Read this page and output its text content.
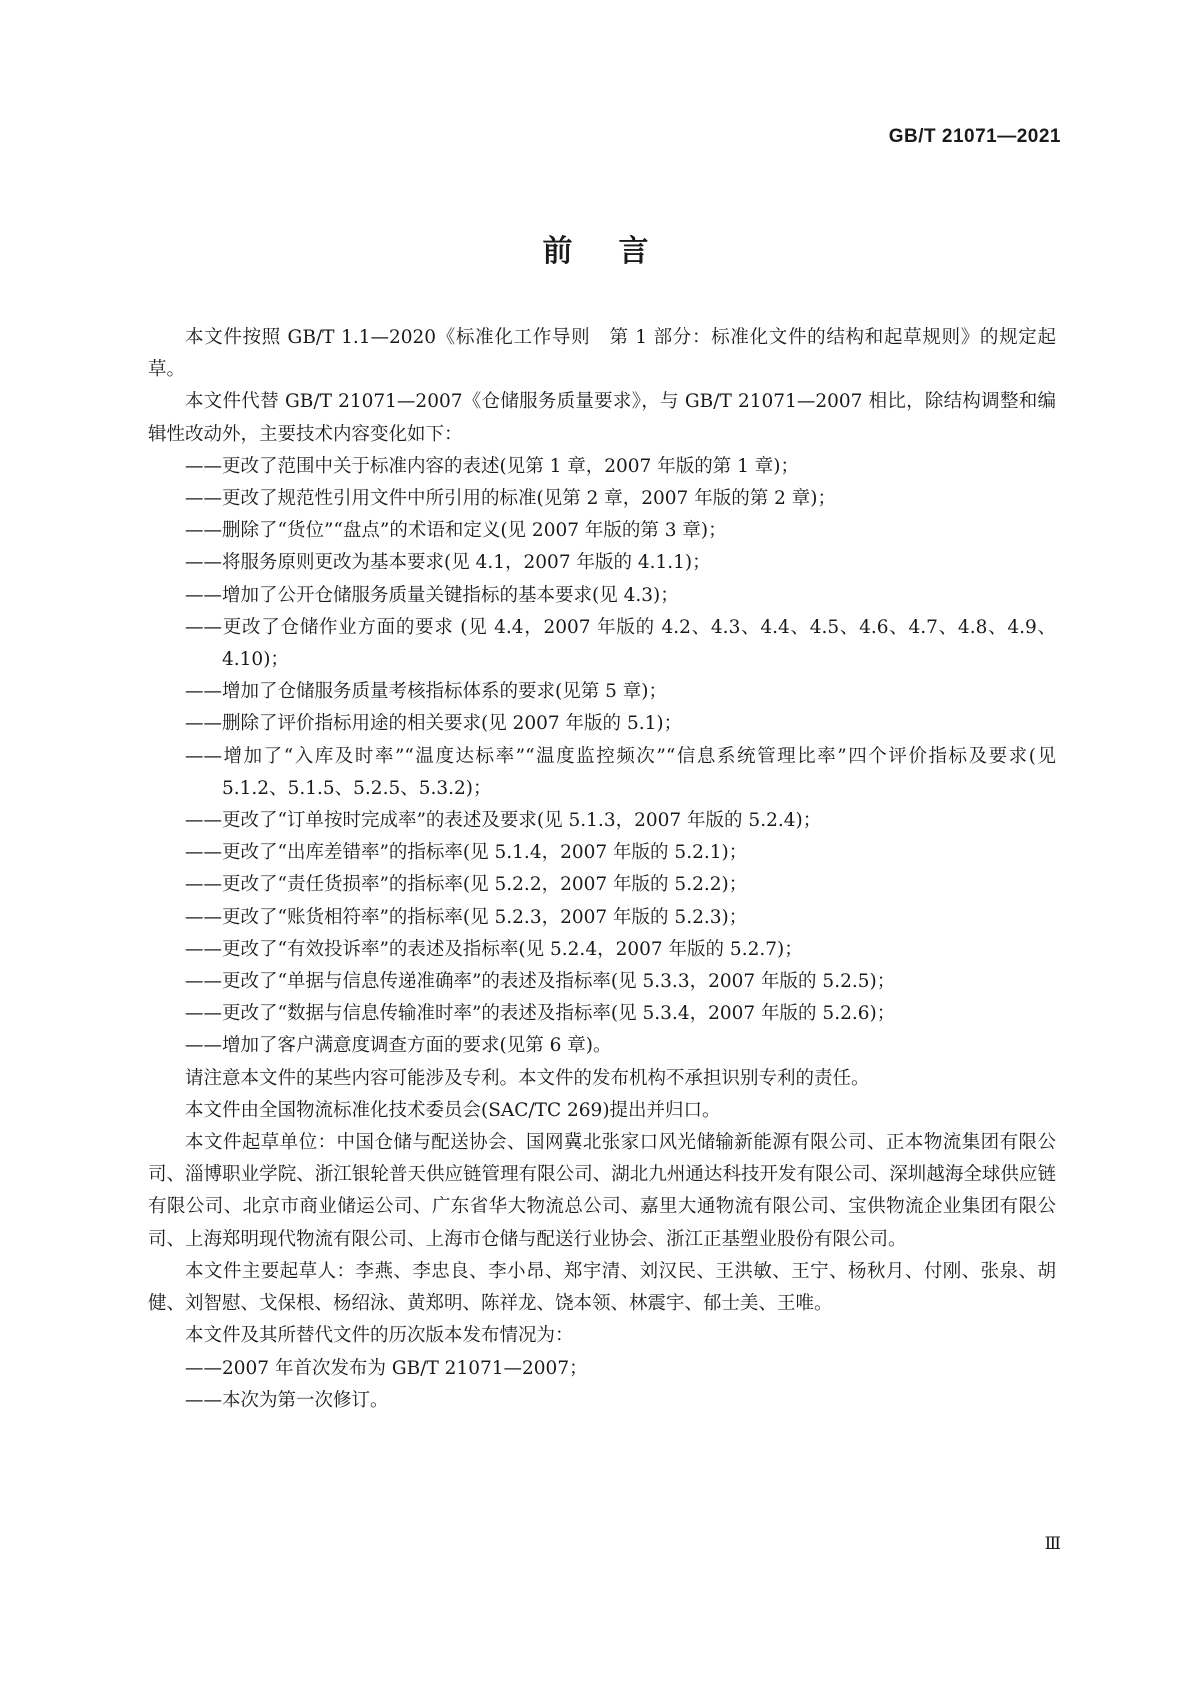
GB/T 21071—2021
前言

本文件按照 GB/T 1.1—2020《标准化工作导则　第 1 部分：标准化文件的结构和起草规则》的规定起草。

本文件代替 GB/T 21071—2007《仓储服务质量要求》，与 GB/T 21071—2007 相比，除结构调整和编辑性改动外，主要技术内容变化如下：

——更改了范围中关于标准内容的表述(见第 1 章，2007 年版的第 1 章)；

——更改了规范性引用文件中所引用的标准(见第 2 章，2007 年版的第 2 章)；

——删除了“货位”“盘点”的术语和定义(见 2007 年版的第 3 章)；

——将服务原则更改为基本要求(见 4.1，2007 年版的 4.1.1)；

——增加了公开仓储服务质量关键指标的基本要求(见 4.3)；

——更改了仓储作业方面的要求 (见 4.4，2007 年版的 4.2、4.3、4.4、4.5、4.6、4.7、4.8、4.9、4.10)；

——增加了仓储服务质量考核指标体系的要求(见第 5 章)；

——删除了评价指标用途的相关要求(见 2007 年版的 5.1)；

——增加了“入库及时率”“温度达标率”“温度监控频次”“信息系统管理比率”四个评价指标及要求(见 5.1.2、5.1.5、5.2.5、5.3.2)；

——更改了“订单按时完成率”的表述及要求(见 5.1.3，2007 年版的 5.2.4)；

——更改了“出库差错率”的指标率(见 5.1.4，2007 年版的 5.2.1)；

——更改了“责任货损率”的指标率(见 5.2.2，2007 年版的 5.2.2)；

——更改了“账货相符率”的指标率(见 5.2.3，2007 年版的 5.2.3)；

——更改了“有效投诉率”的表述及指标率(见 5.2.4，2007 年版的 5.2.7)；

——更改了“单据与信息传递准确率”的表述及指标率(见 5.3.3，2007 年版的 5.2.5)；

——更改了“数据与信息传输准时率”的表述及指标率(见 5.3.4，2007 年版的 5.2.6)；

——增加了客户满意度调查方面的要求(见第 6 章)。

请注意本文件的某些内容可能涉及专利。本文件的发布机构不承担识别专利的责任。

本文件由全国物流标准化技术委员会(SAC/TC 269)提出并归口。

本文件起草单位：中国仓储与配送协会、国网冀北张家口风光储输新能源有限公司、正本物流集团有限公司、淄博职业学院、浙江银轮普天供应链管理有限公司、湖北九州通达科技开发有限公司、深圳越海全球供应链有限公司、北京市商业储运公司、广东省华大物流总公司、嘉里大通物流有限公司、宝供物流企业集团有限公司、上海郑明现代物流有限公司、上海市仓储与配送行业协会、浙江正基塑业股份有限公司。

本文件主要起草人：李燕、李忠良、李小昂、郑宇清、刘汉民、王洪敏、王宁、杨秋月、付刚、张泉、胡健、刘智慰、戈保根、杨绍泳、黄郑明、陈祥龙、饶本领、林震宇、郁士美、王唯。

本文件及其所替代文件的历次版本发布情况为：

——2007 年首次发布为 GB/T 21071—2007；

——本次为第一次修订。

Ⅲ
